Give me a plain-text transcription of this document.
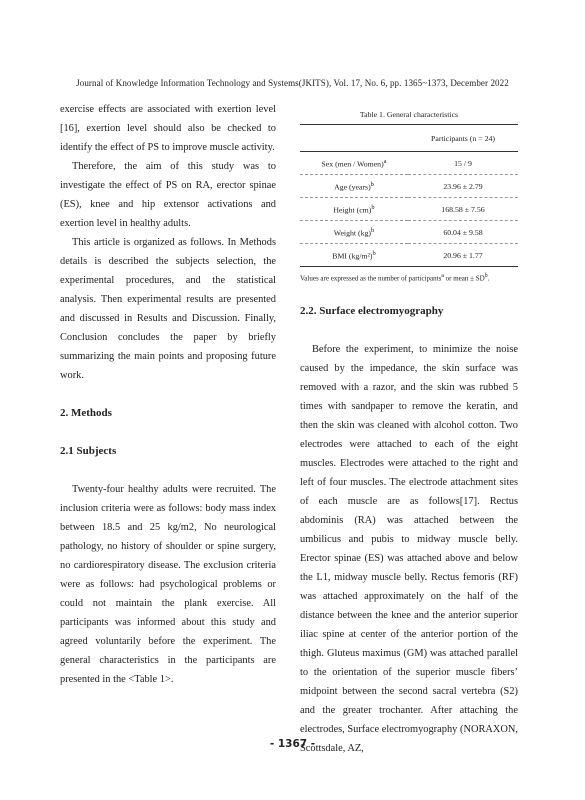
Journal of Knowledge Information Technology and Systems(JKITS), Vol. 17, No. 6, pp. 1365~1373, December 2022

exercise effects are associated with exertion level [16], exertion level should also be checked to identify the effect of PS to improve muscle activity.

Therefore, the aim of this study was to investigate the effect of PS on RA, erector spinae (ES), knee and hip extensor activations and exertion level in healthy adults.

This article is organized as follows. In Methods details is described the subjects selection, the experimental procedures, and the statistical analysis. Then experimental results are presented and discussed in Results and Discussion. Finally, Conclusion concludes the paper by briefly summarizing the main points and proposing future work.

2. Methods

2.1 Subjects

Twenty-four healthy adults were recruited. The inclusion criteria were as follows: body mass index between 18.5 and 25 kg/m2, No neurological pathology, no history of shoulder or spine surgery, no cardiorespiratory disease. The exclusion criteria were as follows: had psychological problems or could not maintain the plank exercise. All participants was informed about this study and agreed voluntarily before the experiment. The general characteristics in the participants are presented in the <Table 1>.

Table 1. General characteristics
	Participants (n = 24)
Sex (men / Women)$^a$	15 / 9
Age (years)$^b$	23.96 ± 2.79
Height (cm)$^b$	168.58 ± 7.56
Weight (kg)$^b$	60.04 ± 9.58
BMI $(kg/m^2)^b$	20.96 ± 1.77
Values are expressed as the number of participants$^a$ or mean ± $SD^b$.

2.2. Surface electromyography

Before the experiment, to minimize the noise caused by the impedance, the skin surface was removed with a razor, and the skin was rubbed 5 times with sandpaper to remove the keratin, and then the skin was cleaned with alcohol cotton. Two electrodes were attached to each of the eight muscles. Electrodes were attached to the right and left of four muscles. The electrode attachment sites of each muscle are as follows[17]. Rectus abdominis (RA) was attached between the umbilicus and pubis to midway muscle belly. Erector spinae (ES) was attached above and below the L1, midway muscle belly. Rectus femoris (RF) was attached approximately on the half of the distance between the knee and the anterior superior iliac spine at center of the anterior portion of the thigh. Gluteus maximus (GM) was attached parallel to the orientation of the superior muscle fibers’ midpoint between the second sacral vertebra (S2) and the greater trochanter. After attaching the electrodes, Surface electromyography (NORAXON, Scottsdale, AZ,

- 1367 -
